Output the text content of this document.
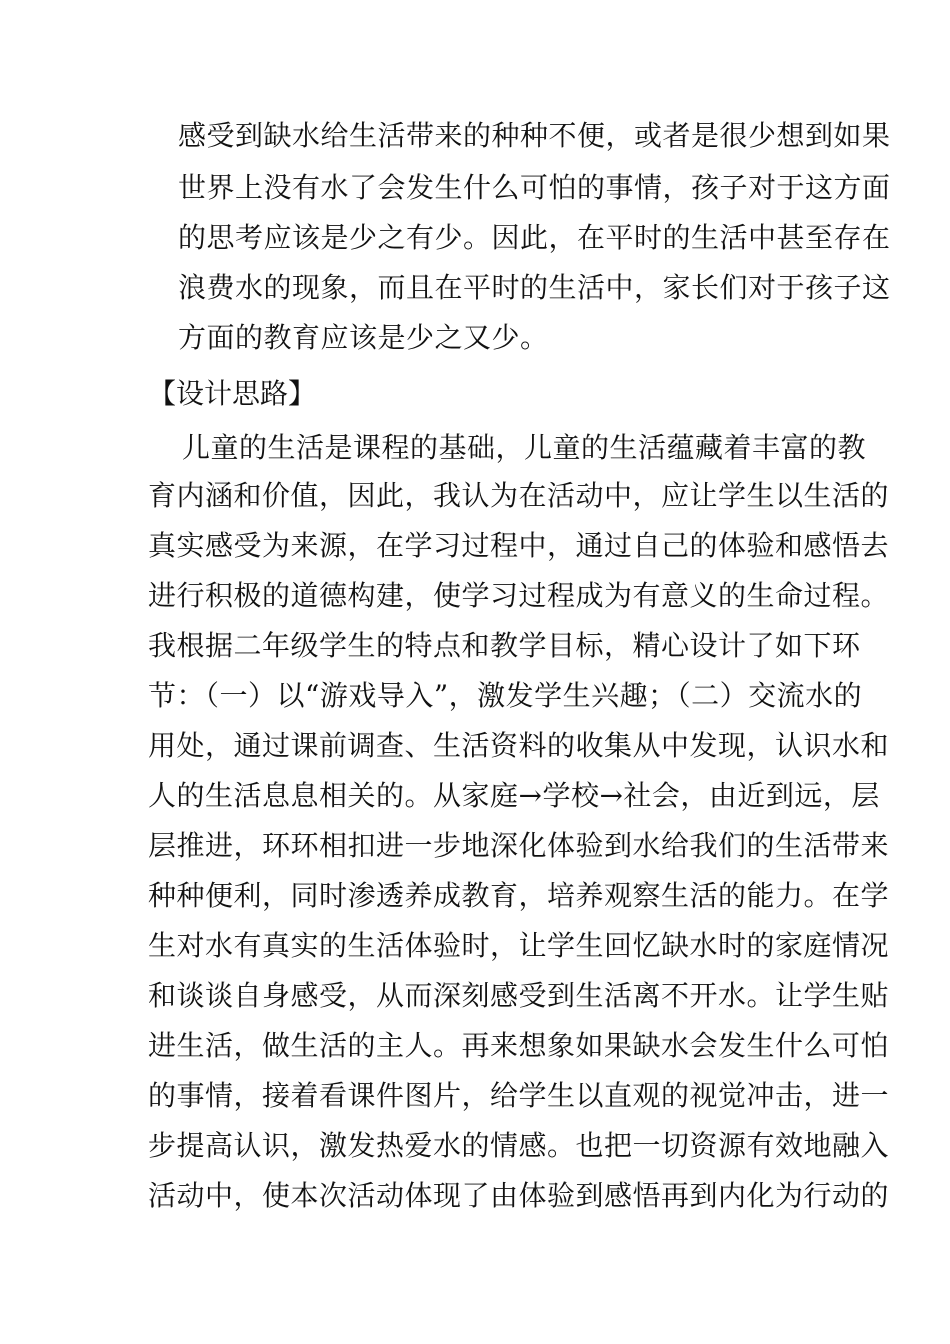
感受到缺水给生活带来的种种不便，或者是很少想到如果
世界上没有水了会发生什么可怕的事情，孩子对于这方面
的思考应该是少之有少。因此，在平时的生活中甚至存在
浪费水的现象，而且在平时的生活中，家长们对于孩子这
方面的教育应该是少之又少。
【设计思路】
儿童的生活是课程的基础，儿童的生活蕴藏着丰富的教
育内涵和价值，因此，我认为在活动中，应让学生以生活的
真实感受为来源，在学习过程中，通过自己的体验和感悟去
进行积极的道德构建，使学习过程成为有意义的生命过程。
我根据二年级学生的特点和教学目标，精心设计了如下环
节：（一）以“游戏导入”，激发学生兴趣；（二）交流水的
用处，通过课前调查、生活资料的收集从中发现，认识水和
人的生活息息相关的。从家庭→学校→社会，由近到远，层
层推进，环环相扣进一步地深化体验到水给我们的生活带来
种种便利，同时渗透养成教育，培养观察生活的能力。在学
生对水有真实的生活体验时，让学生回忆缺水时的家庭情况
和谈谈自身感受，从而深刻感受到生活离不开水。让学生贴
进生活，做生活的主人。再来想象如果缺水会发生什么可怕
的事情，接着看课件图片，给学生以直观的视觉冲击，进一
步提高认识，激发热爱水的情感。也把一切资源有效地融入
活动中，使本次活动体现了由体验到感悟再到内化为行动的
